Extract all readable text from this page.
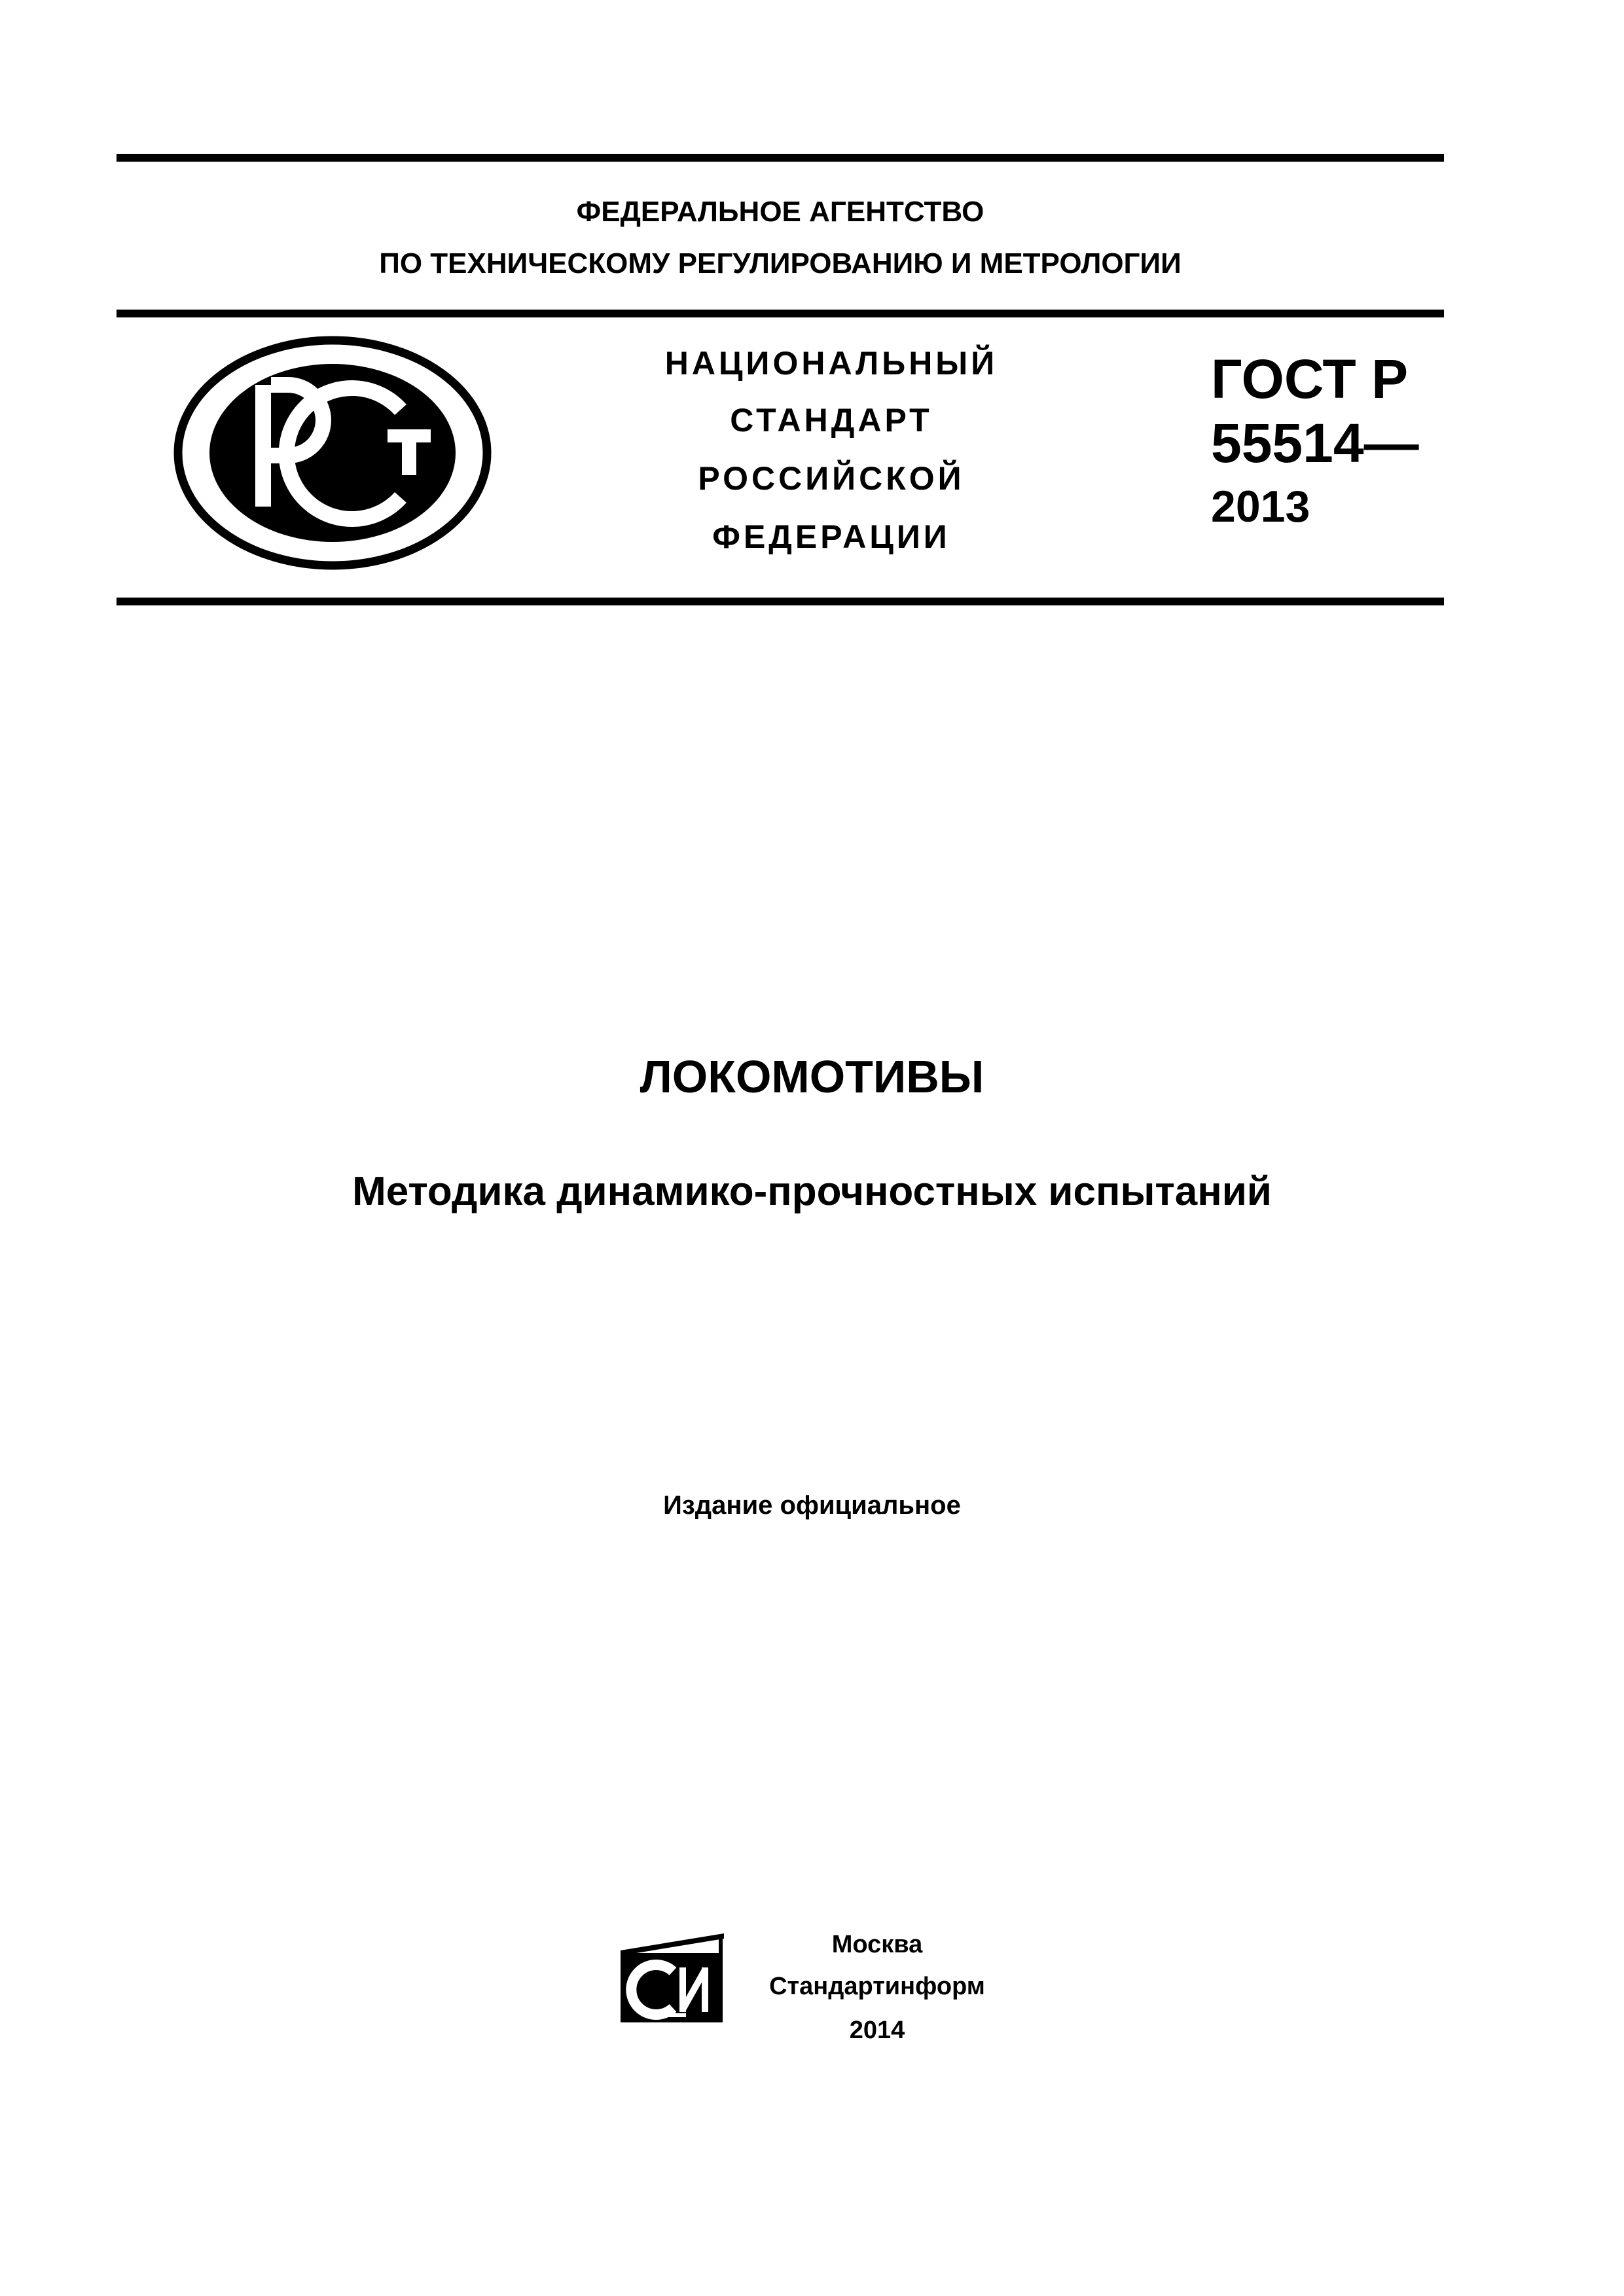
ФЕДЕРАЛЬНОЕ АГЕНТСТВО
ПО ТЕХНИЧЕСКОМУ РЕГУЛИРОВАНИЮ И МЕТРОЛОГИИ
НАЦИОНАЛЬНЫЙ
СТАНДАРТ
РОССИЙСКОЙ
ФЕДЕРАЦИИ
ГОСТ Р
55514—
2013
ЛОКОМОТИВЫ
Методика динамико-прочностных испытаний
Издание официальное
Москва
Стандартинформ
2014
